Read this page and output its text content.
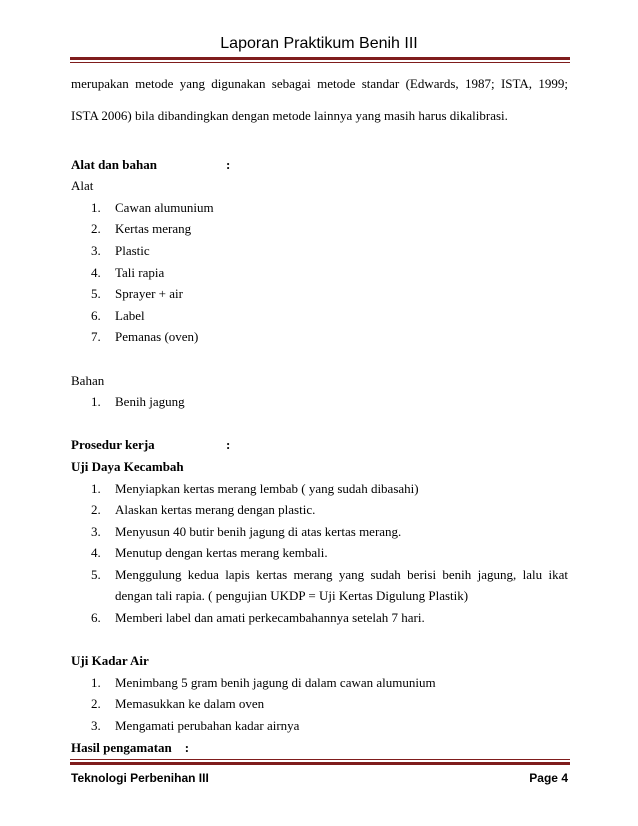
Laporan Praktikum Benih III

merupakan metode yang digunakan sebagai metode standar (Edwards, 1987; ISTA, 1999; ISTA 2006) bila dibandingkan dengan metode lainnya yang masih harus dikalibrasi.

Alat dan bahan	:
Alat
1.	Cawan alumunium
2.	Kertas merang
3.	Plastic
4.	Tali rapia
5.	Sprayer + air
6.	Label
7.	Pemanas (oven)
Bahan
1.	Benih jagung
Prosedur kerja	:
Uji Daya Kecambah
1.	Menyiapkan kertas merang lembab ( yang sudah dibasahi)
2.	Alaskan kertas merang dengan plastic.
3.	Menyusun 40 butir benih jagung di atas kertas merang.
4.	Menutup dengan kertas merang kembali.
5.	Menggulung kedua lapis kertas merang yang sudah berisi benih jagung, lalu ikat dengan tali rapia. ( pengujian UKDP = Uji Kertas Digulung Plastik)
6.	Memberi label dan amati perkecambahannya setelah 7 hari.
Uji Kadar Air
1.	Menimbang 5 gram benih jagung di dalam cawan alumunium
2.	Memasukkan ke dalam oven
3.	Mengamati perubahan kadar airnya
Hasil pengamatan :
Teknologi Perbenihan III	Page 4
